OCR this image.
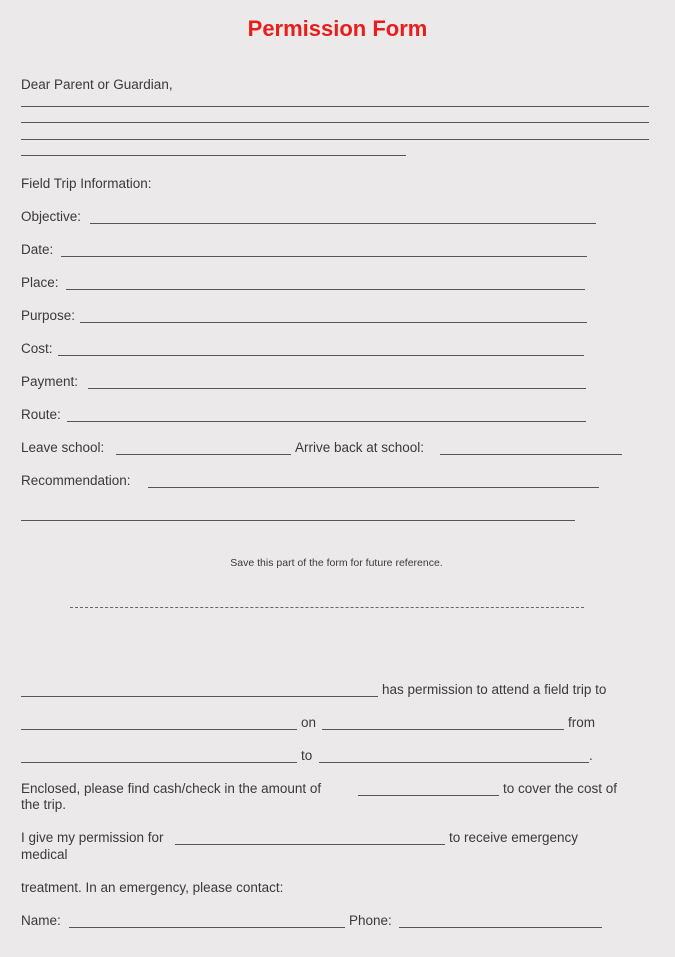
Permission Form
Dear Parent or Guardian,
Field Trip Information:
Objective:
Date:
Place:
Purpose:
Cost:
Payment:
Route:
Leave school:	Arrive back at school:
Recommendation:
Save this part of the form for future reference.
has permission to attend a field trip to
on	from
to	.
Enclosed, please find cash/check in the amount of	to cover the cost of
the trip.
I give my permission for	to receive emergency
medical
treatment. In an emergency, please contact:
Name:	Phone:
